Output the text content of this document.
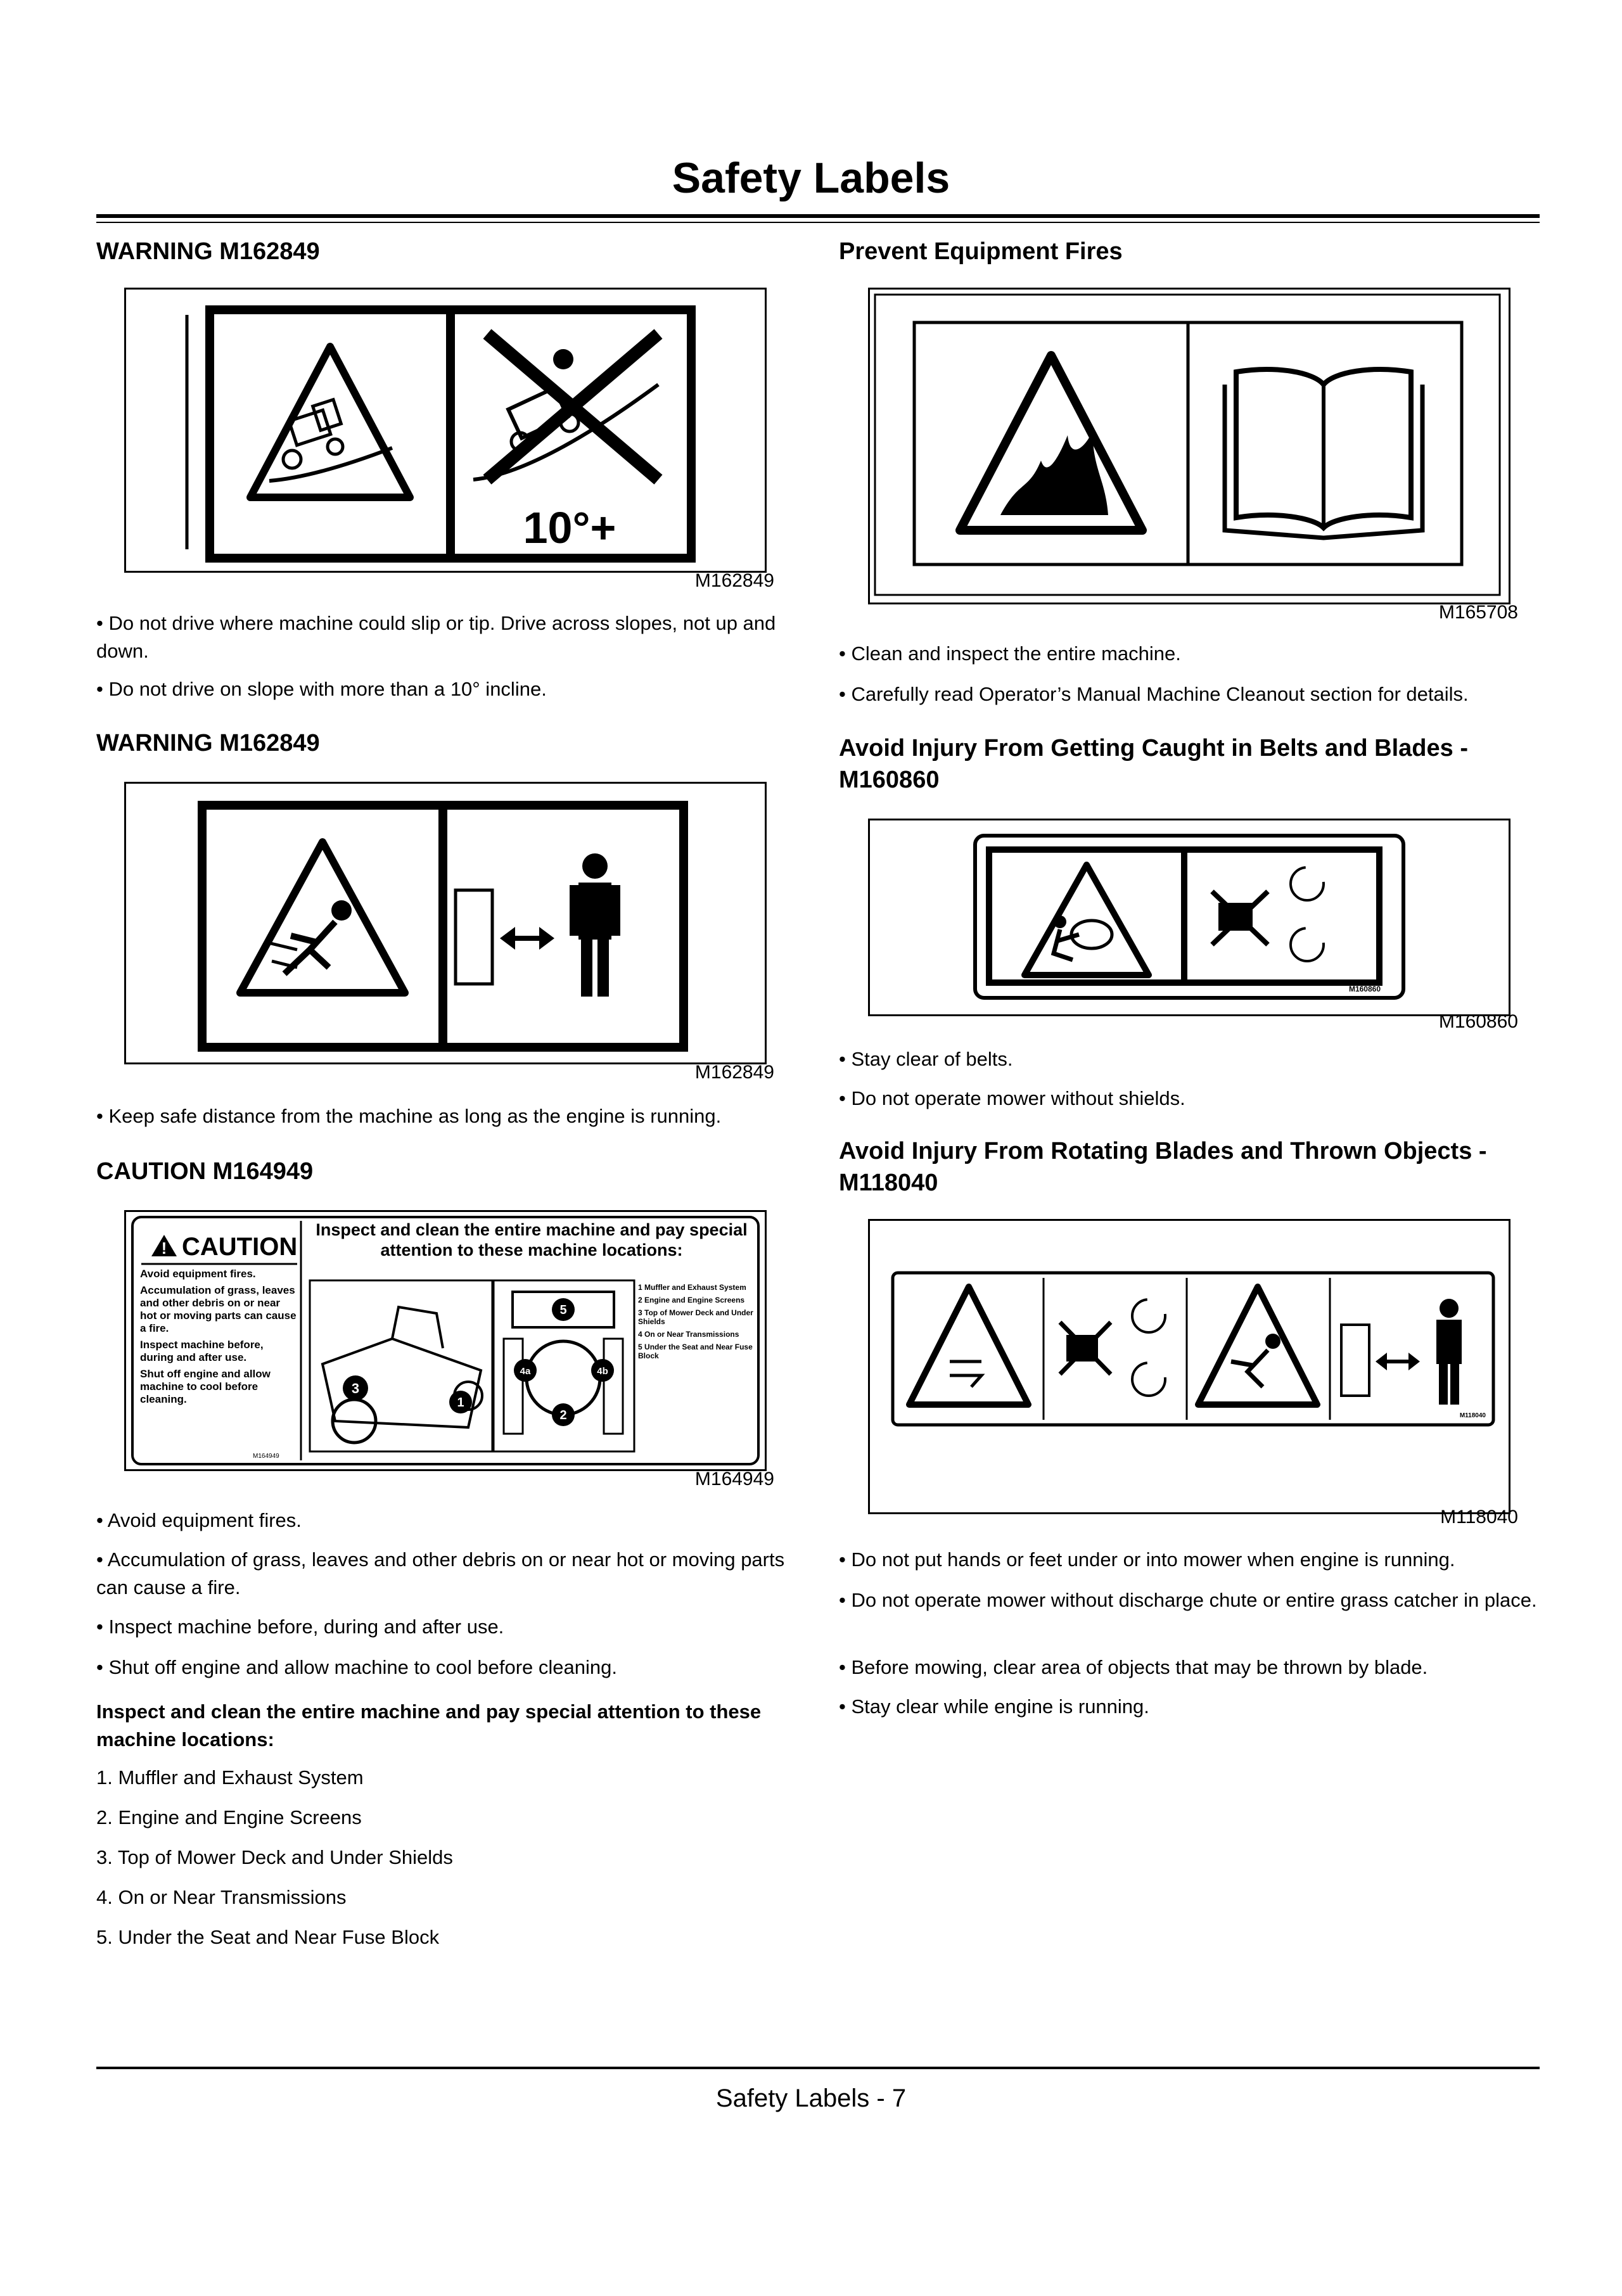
Safety Labels
WARNING M162849
10°+
M162849

• Do not drive where machine could slip or tip. Drive across slopes, not up and down.

• Do not drive on slope with more than a 10° incline.

WARNING M162849
M162849

• Keep safe distance from the machine as long as the engine is running.

CAUTION M164949
! CAUTION
Avoid equipment fires.
Accumulation of grass, leaves and other debris on or near hot or moving parts can cause a fire.
Inspect machine before, during and after use.
Shut off engine and allow machine to cool before cleaning.
M164949
Inspect and clean the entire machine and pay special attention to these machine locations:
3
1
5
4a	4b
2
1 Muffler and Exhaust System
2 Engine and Engine Screens
3 Top of Mower Deck and Under Shields
4 On or Near Transmissions
5 Under the Seat and Near Fuse Block
M164949

• Avoid equipment fires.

• Accumulation of grass, leaves and other debris on or near hot or moving parts can cause a fire.

• Inspect machine before, during and after use.

• Shut off engine and allow machine to cool before cleaning.

Inspect and clean the entire machine and pay special attention to these machine locations:

1. Muffler and Exhaust System

2. Engine and Engine Screens

3. Top of Mower Deck and Under Shields

4. On or Near Transmissions

5. Under the Seat and Near Fuse Block

Prevent Equipment Fires
M165708

• Clean and inspect the entire machine.

• Carefully read Operator’s Manual Machine Cleanout section for details.

Avoid Injury From Getting Caught in Belts and Blades - M160860
M160860
M160860

• Stay clear of belts.

• Do not operate mower without shields.

Avoid Injury From Rotating Blades and Thrown Objects - M118040
M118040
M118040

• Do not put hands or feet under or into mower when engine is running.

• Do not operate mower without discharge chute or entire grass catcher in place.

• Before mowing, clear area of objects that may be thrown by blade.

• Stay clear while engine is running.

Safety Labels - 7
